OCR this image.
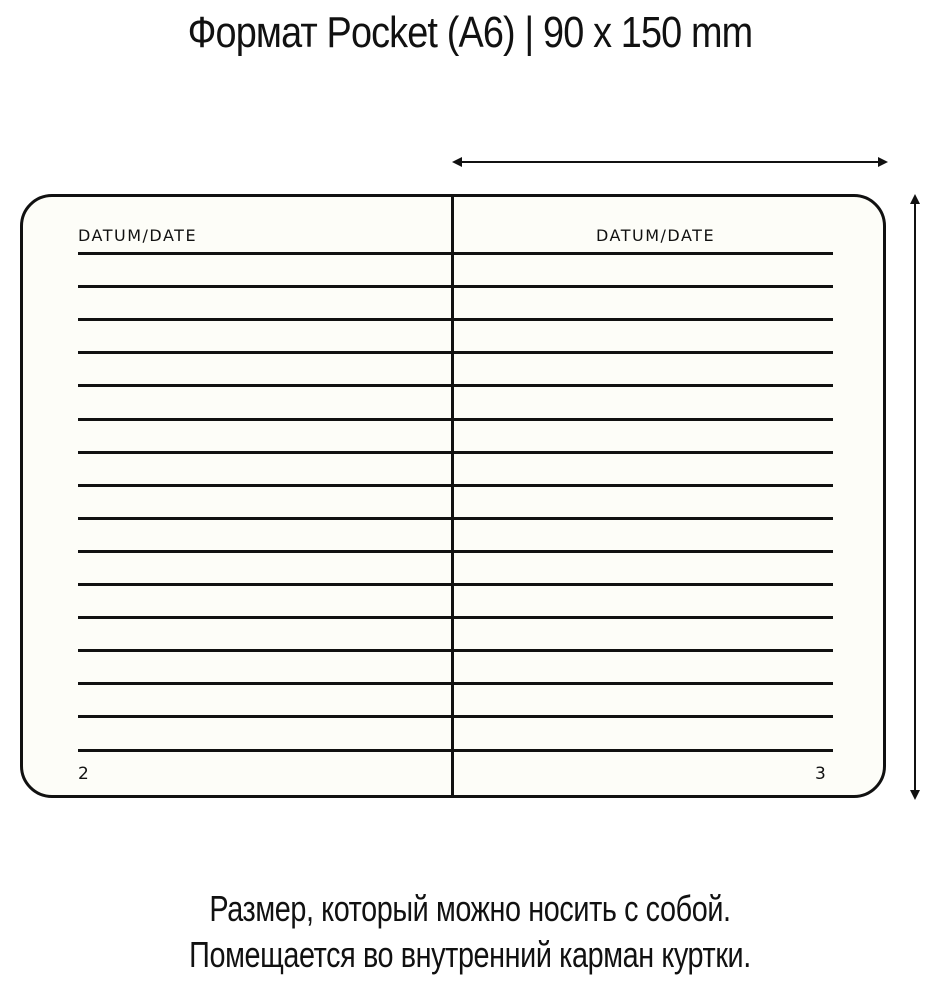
Формат Pocket (A6) | 90 x 150 mm
DATUM/DATE	DATUM/DATE
2	3

Размер, который можно носить с собой.

Помещается во внутренний карман куртки.
